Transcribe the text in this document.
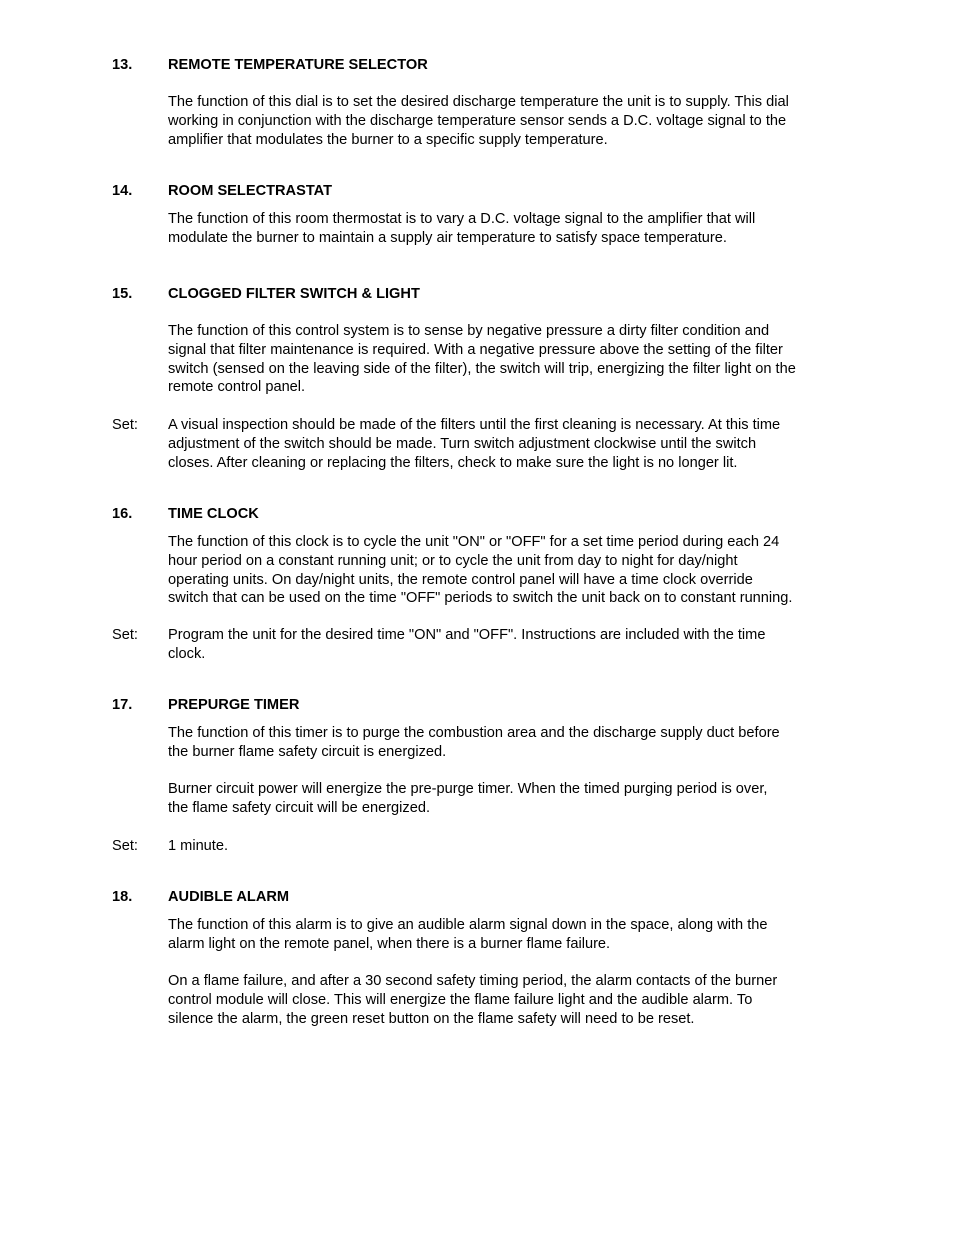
13.	REMOTE TEMPERATURE SELECTOR
The function of this dial is to set the desired discharge temperature the unit is to supply. This dial
working in conjunction with the discharge temperature sensor sends a D.C. voltage signal to the
amplifier that modulates the burner to a specific supply temperature.
14.	ROOM SELECTRASTAT
The function of this room thermostat is to vary a D.C. voltage signal to the amplifier that will
modulate the burner to maintain a supply air temperature to satisfy space temperature.
15.	CLOGGED FILTER SWITCH & LIGHT
The function of this control system is to sense by negative pressure a dirty filter condition and
signal that filter maintenance is required. With a negative pressure above the setting of the filter
switch (sensed on the leaving side of the filter), the switch will trip, energizing the filter light on the
remote control panel.
Set:	A visual inspection should be made of the filters until the first cleaning is necessary. At this time
adjustment of the switch should be made. Turn switch adjustment clockwise until the switch
closes. After cleaning or replacing the filters, check to make sure the light is no longer lit.
16.	TIME CLOCK
The function of this clock is to cycle the unit "ON" or "OFF" for a set time period during each 24
hour period on a constant running unit; or to cycle the unit from day to night for day/night
operating units. On day/night units, the remote control panel will have a time clock override
switch that can be used on the time "OFF" periods to switch the unit back on to constant running.
Set:	Program the unit for the desired time "ON" and "OFF". Instructions are included with the time
clock.
17.	PREPURGE TIMER
The function of this timer is to purge the combustion area and the discharge supply duct before
the burner flame safety circuit is energized.
Burner circuit power will energize the pre-purge timer. When the timed purging period is over,
the flame safety circuit will be energized.
Set:	1 minute.
18.	AUDIBLE ALARM
The function of this alarm is to give an audible alarm signal down in the space, along with the
alarm light on the remote panel, when there is a burner flame failure.
On a flame failure, and after a 30 second safety timing period, the alarm contacts of the burner
control module will close. This will energize the flame failure light and the audible alarm. To
silence the alarm, the green reset button on the flame safety will need to be reset.
